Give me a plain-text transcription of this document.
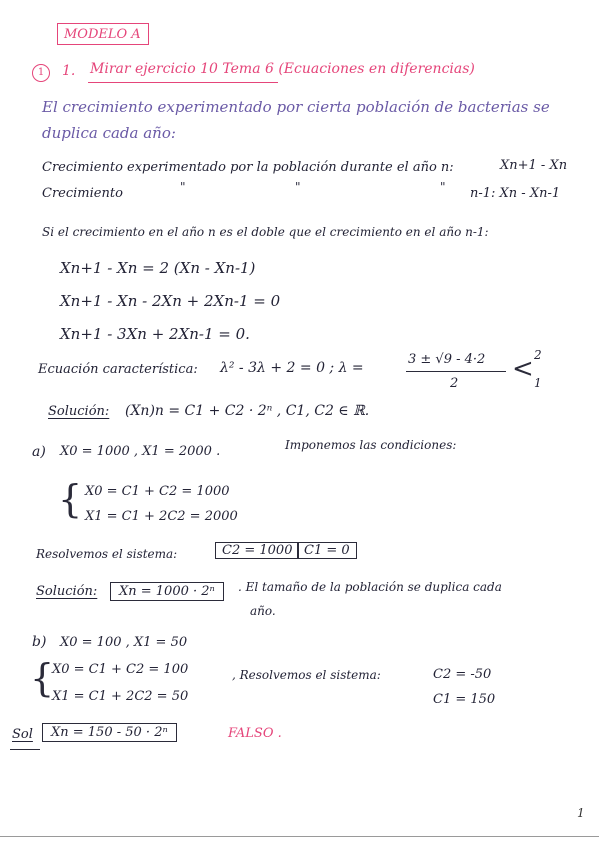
MODELO A
1	1. Mirar ejercicio 10 Tema 6 (Ecuaciones en diferencias)
El crecimiento experimentado por cierta población de bacterias se
duplica cada año:
Crecimiento experimentado por la población durante el año n:	Xn+1 - Xn
Crecimiento	"	"	" n-1: Xn - Xn-1
Si el crecimiento en el año n es el doble que el crecimiento en el año n-1:
Xn+1 - Xn = 2 (Xn - Xn-1)
Xn+1 - Xn - 2Xn + 2Xn-1 = 0
Xn+1 - 3Xn + 2Xn-1 = 0.
Ecuación característica: λ² - 3λ + 2 = 0 ; λ =
3 ± √9 - 4·2
2 < 2
1
Solución: (Xn)n = C1 + C2 · 2ⁿ , C1, C2 ∈ ℝ.
a) X0 = 1000 , X1 = 2000 .	Imponemos las condiciones:
{ X0 = C1 + C2 = 1000
X1 = C1 + 2C2 = 2000
Resolvemos el sistema:	C2 = 1000 C1 = 0
Solución:	Xn = 1000 · 2ⁿ	. El tamaño de la población se duplica cada
año.
b) X0 = 100 , X1 = 50
{
X0 = C1 + C2 = 100
X1 = C1 + 2C2 = 50
, Resolvemos el sistema:	C2 = -50
C1 = 150
Sol	Xn = 150 - 50 · 2ⁿ	FALSO .
1
